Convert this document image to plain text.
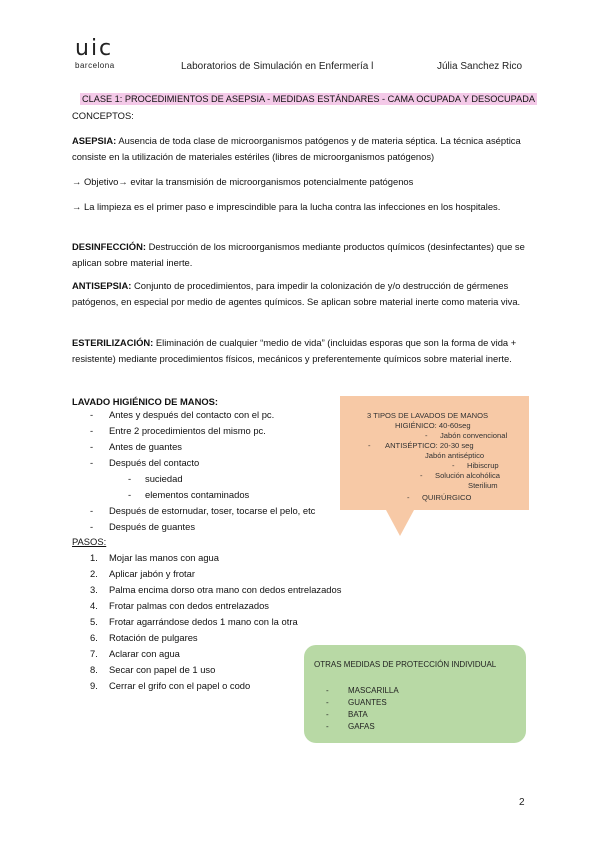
uic
barcelona	Laboratorios de Simulación en Enfermería l	Júlia Sanchez Rico
CLASE 1: PROCEDIMIENTOS DE ASEPSIA - MEDIDAS ESTÁNDARES - CAMA OCUPADA Y DESOCUPADA
CONCEPTOS:
ASEPSIA: Ausencia de toda clase de microorganismos patógenos y de materia séptica. La técnica aséptica consiste en la utilización de materiales estériles (libres de microorganismos patógenos)
→ Objetivo→ evitar la transmisión de microorganismos potencialmente patógenos
→ La limpieza es el primer paso e imprescindible para la lucha contra las infecciones en los hospitales.
DESINFECCIÓN: Destrucción de los microorganismos mediante productos químicos (desinfectantes) que se aplican sobre material inerte.
ANTISEPSIA: Conjunto de procedimientos, para impedir la colonización de y/o destrucción de gérmenes patógenos, en especial por medio de agentes químicos. Se aplican sobre material inerte como materia viva.
ESTERILIZACIÓN: Eliminación de cualquier “medio de vida” (incluidas esporas que son la forma de vida + resistente) mediante procedimientos físicos, mecánicos y preferentemente químicos sobre material inerte.
LAVADO HIGIÉNICO DE MANOS:
- Antes y después del contacto con el pc.
- Entre 2 procedimientos del mismo pc.
- Antes de guantes
- Después del contacto
- suciedad
- elementos contaminados
- Después de estornudar, toser, tocarse el pelo, etc
- Después de guantes
PASOS:
1. Mojar las manos con agua
2. Aplicar jabón y frotar
3. Palma encima dorso otra mano con dedos entrelazados
4. Frotar palmas con dedos entrelazados
5. Frotar agarrándose dedos 1 mano con la otra
6. Rotación de pulgares
7. Aclarar con agua
8. Secar con papel de 1 uso
9. Cerrar el grifo con el papel o codo
3 TIPOS DE LAVADOS DE MANOS
HIGIÉNICO: 40-60seg
- Jabón convencional
- ANTISÉPTICO: 20-30 seg
Jabón antiséptico
- Hibiscrup
- Solución alcohólica
Sterilium
- QUIRÚRGICO
OTRAS MEDIDAS DE PROTECCIÓN INDIVIDUAL
- MASCARILLA
- GUANTES
- BATA
- GAFAS
2
